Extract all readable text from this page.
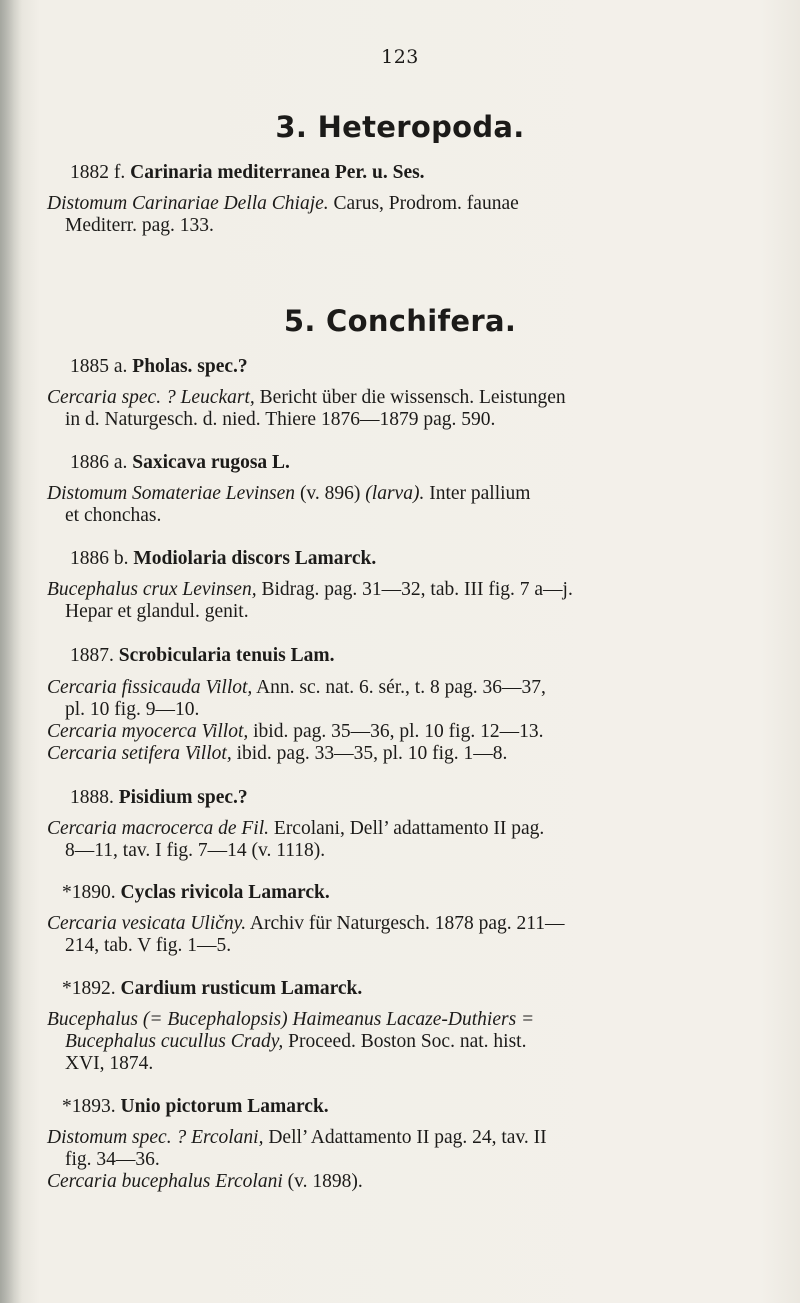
123
3. Heteropoda.
1882 f. Carinaria mediterranea Per. u. Ses.
Distomum Carinariae Della Chiaje. Carus, Prodrom. faunae
Mediterr. pag. 133.
5. Conchifera.
1885 a. Pholas. spec.?
Cercaria spec. ? Leuckart, Bericht über die wissensch. Leistungen
in d. Naturgesch. d. nied. Thiere 1876—1879 pag. 590.
1886 a. Saxicava rugosa L.
Distomum Somateriae Levinsen (v. 896) (larva). Inter pallium
et chonchas.
1886 b. Modiolaria discors Lamarck.
Bucephalus crux Levinsen, Bidrag. pag. 31—32, tab. III fig. 7 a—j.
Hepar et glandul. genit.
1887. Scrobicularia tenuis Lam.
Cercaria fissicauda Villot, Ann. sc. nat. 6. sér., t. 8 pag. 36—37,
pl. 10 fig. 9—10.
Cercaria myocerca Villot, ibid. pag. 35—36, pl. 10 fig. 12—13.
Cercaria setifera Villot, ibid. pag. 33—35, pl. 10 fig. 1—8.
1888. Pisidium spec.?
Cercaria macrocerca de Fil. Ercolani, Dell’ adattamento II pag.
8—11, tav. I fig. 7—14 (v. 1118).
*1890. Cyclas rivicola Lamarck.
Cercaria vesicata Uličny. Archiv für Naturgesch. 1878 pag. 211—
214, tab. V fig. 1—5.
*1892. Cardium rusticum Lamarck.
Bucephalus (= Bucephalopsis) Haimeanus Lacaze-Duthiers =
Bucephalus cucullus Crady, Proceed. Boston Soc. nat. hist.
XVI, 1874.
*1893. Unio pictorum Lamarck.
Distomum spec. ? Ercolani, Dell’ Adattamento II pag. 24, tav. II
fig. 34—36.
Cercaria bucephalus Ercolani (v. 1898).
